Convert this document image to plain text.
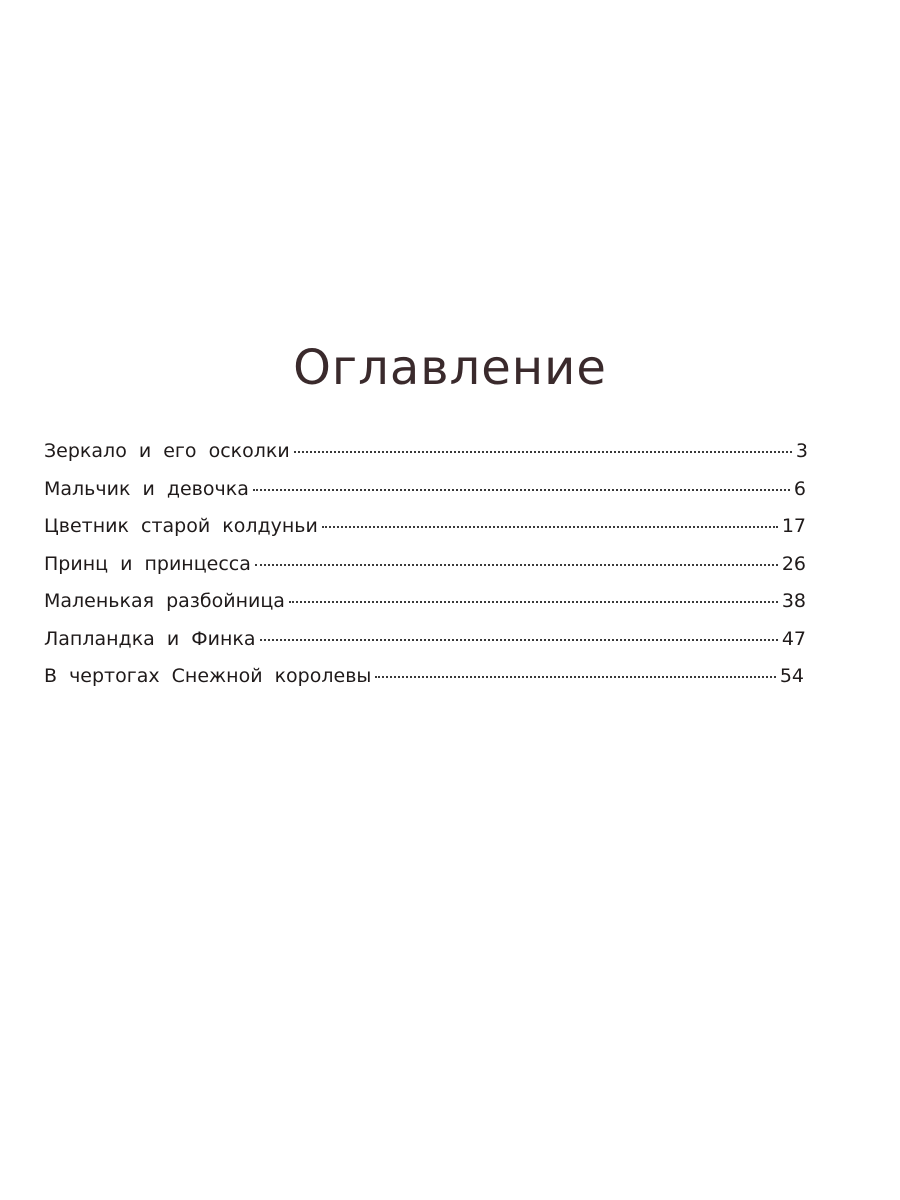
Оглавление
Зеркало и его осколки	3
Мальчик и девочка	6
Цветник старой колдуньи	17
Принц и принцесса	26
Маленькая разбойница	38
Лапландка и Финка	47
В чертогах Снежной королевы	54
